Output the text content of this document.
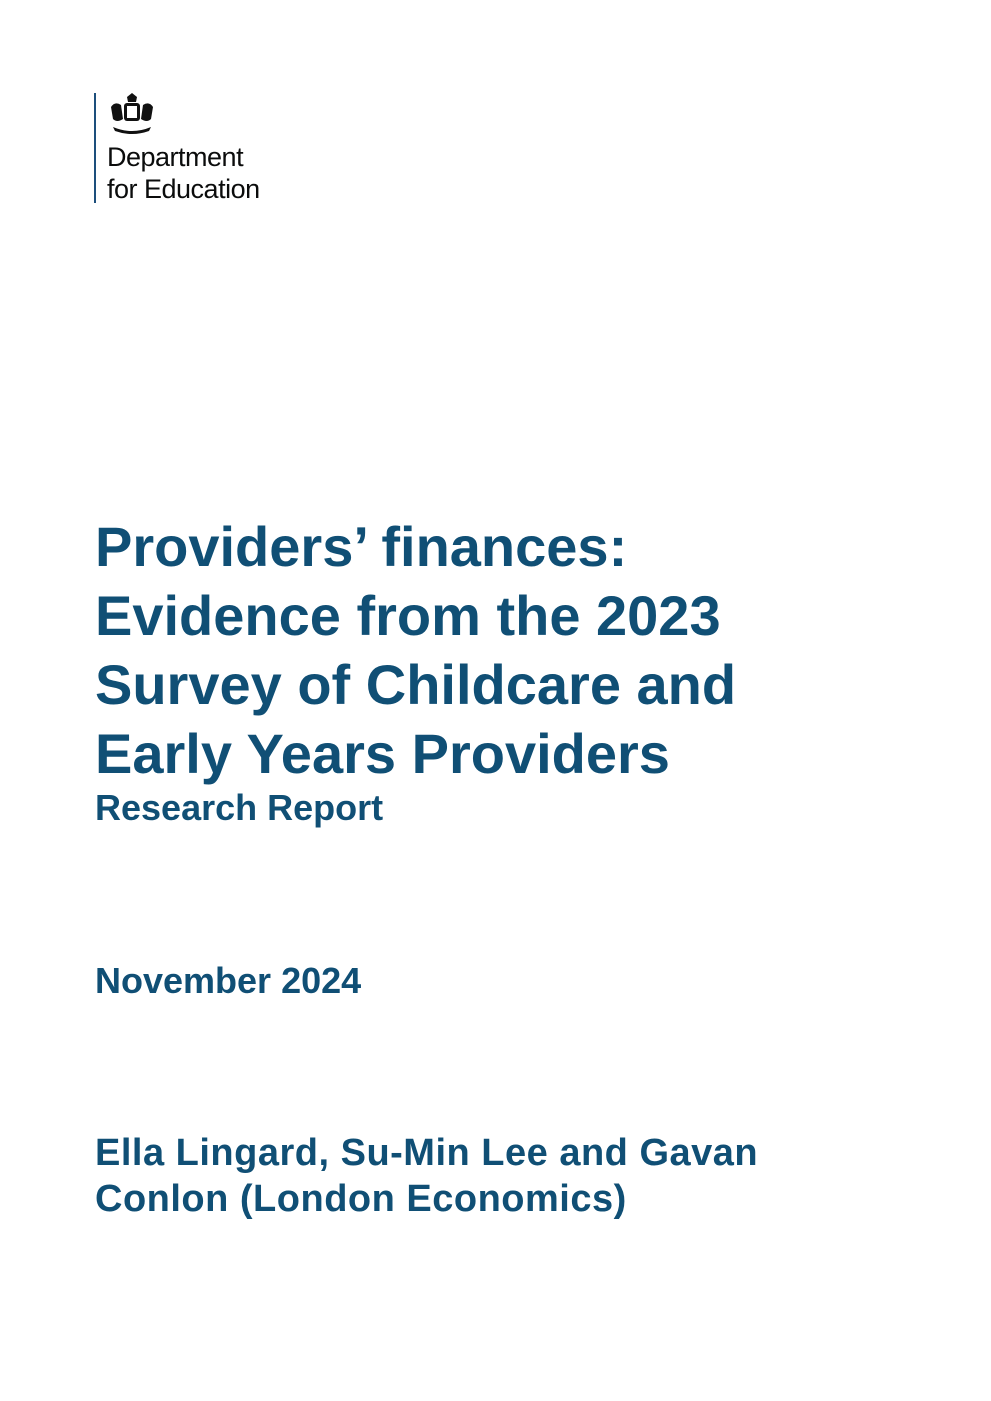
Department
for Education
Providers’ finances:
Evidence from the 2023
Survey of Childcare and
Early Years Providers
Research Report
November 2024
Ella Lingard, Su-Min Lee and Gavan
Conlon (London Economics)
